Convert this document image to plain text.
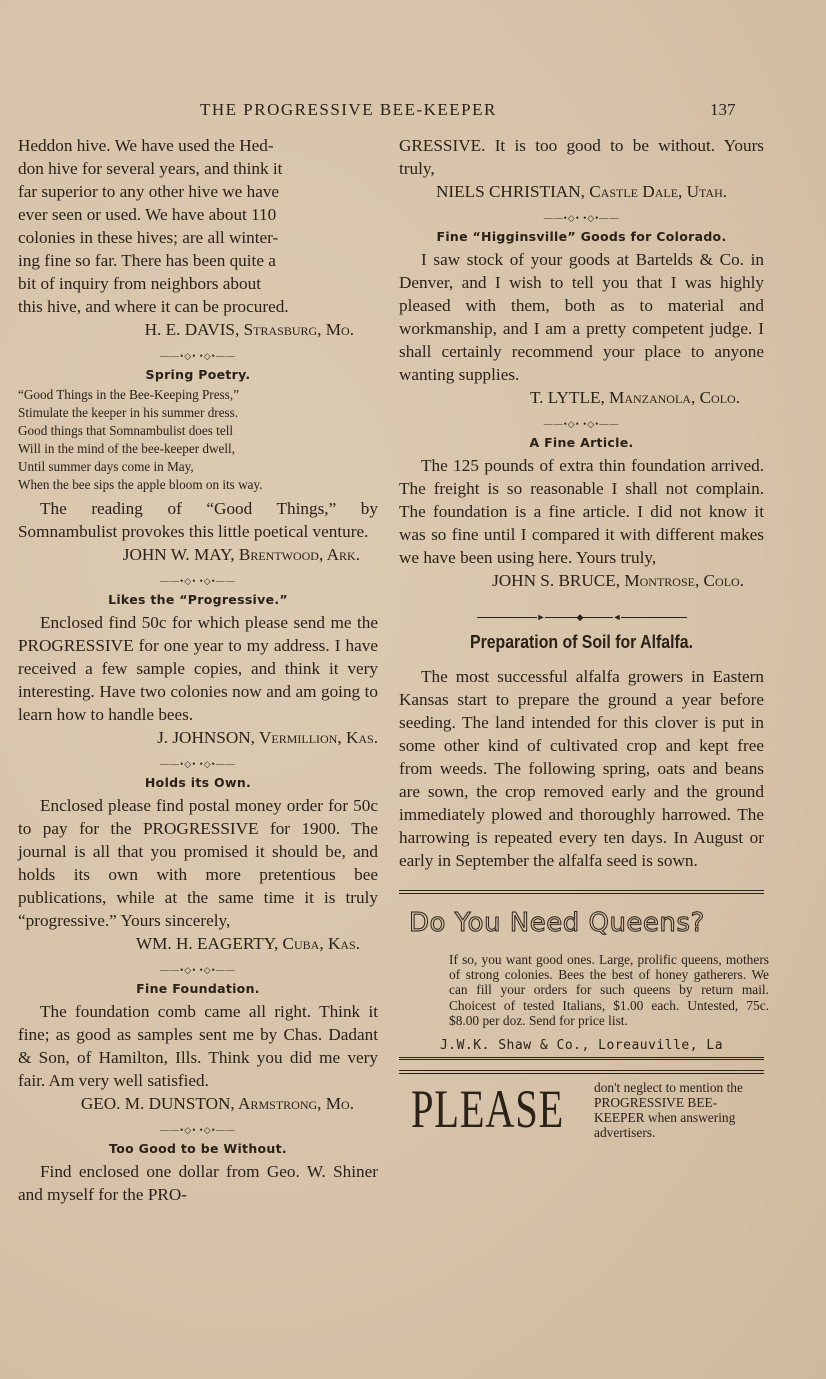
THE PROGRESSIVE BEE-KEEPER	137

Heddon hive. We have used the Hed-

don hive for several years, and think it

far superior to any other hive we have

ever seen or used. We have about 110

colonies in these hives; are all winter-

ing fine so far. There has been quite a

bit of inquiry from neighbors about

this hive, and where it can be procured.

H. E. DAVIS, Strasburg, Mo.
——•◇• •◇•——
Spring Poetry.
“Good Things in the Bee-Keeping Press,”
Stimulate the keeper in his summer dress.
Good things that Somnambulist does tell
Will in the mind of the bee-keeper dwell,
Until summer days come in May,
When the bee sips the apple bloom on its way.

The reading of “Good Things,” by Somnambulist provokes this little poetical venture.

JOHN W. MAY, Brentwood, Ark.
——•◇• •◇•——
Likes the “Progressive.”

Enclosed find 50c for which please send me the PROGRESSIVE for one year to my address. I have received a few sample copies, and think it very interesting. Have two colonies now and am going to learn how to handle bees.

J. JOHNSON, Vermillion, Kas.
——•◇• •◇•——
Holds its Own.

Enclosed please find postal money order for 50c to pay for the PROGRESSIVE for 1900. The journal is all that you promised it should be, and holds its own with more pretentious bee publications, while at the same time it is truly “progressive.” Yours sincerely,

WM. H. EAGERTY, Cuba, Kas.
——•◇• •◇•——
Fine Foundation.

The foundation comb came all right. Think it fine; as good as samples sent me by Chas. Dadant & Son, of Hamilton, Ills. Think you did me very fair. Am very well satisfied.

GEO. M. DUNSTON, Armstrong, Mo.
——•◇• •◇•——
Too Good to be Without.

Find enclosed one dollar from Geo. W. Shiner and myself for the PRO-

GRESSIVE. It is too good to be without. Yours truly,

NIELS CHRISTIAN, Castle Dale, Utah.
——•◇• •◇•——
Fine “Higginsville” Goods for Colorado.

I saw stock of your goods at Bartelds & Co. in Denver, and I wish to tell you that I was highly pleased with them, both as to material and workmanship, and I am a pretty competent judge. I shall certainly recommend your place to anyone wanting supplies.

T. LYTLE, Manzanola, Colo.
——•◇• •◇•——
A Fine Article.

The 125 pounds of extra thin foundation arrived. The freight is so reasonable I shall not complain. The foundation is a fine article. I did not know it was so fine until I compared it with different makes we have been using here. Yours truly,

JOHN S. BRUCE, Montrose, Colo.
►	◆	◄
Preparation of Soil for Alfalfa.

The most successful alfalfa growers in Eastern Kansas start to prepare the ground a year before seeding. The land intended for this clover is put in some other kind of cultivated crop and kept free from weeds. The following spring, oats and beans are sown, the crop removed early and the ground immediately plowed and thoroughly harrowed. The harrowing is repeated every ten days. In August or early in September the alfalfa seed is sown.

Do You Need Queens?
If so, you want good ones. Large, prolific queens, mothers of strong colonies. Bees the best of honey gatherers. We can fill your orders for such queens by return mail. Choicest of tested Italians, $1.00 each. Untested, 75c. $8.00 per doz. Send for price list.
J.W.K. Shaw & Co., Loreauville, La
PLEASE don't neglect to mention the PROGRESSIVE BEE-KEEPER when answering advertisers.
